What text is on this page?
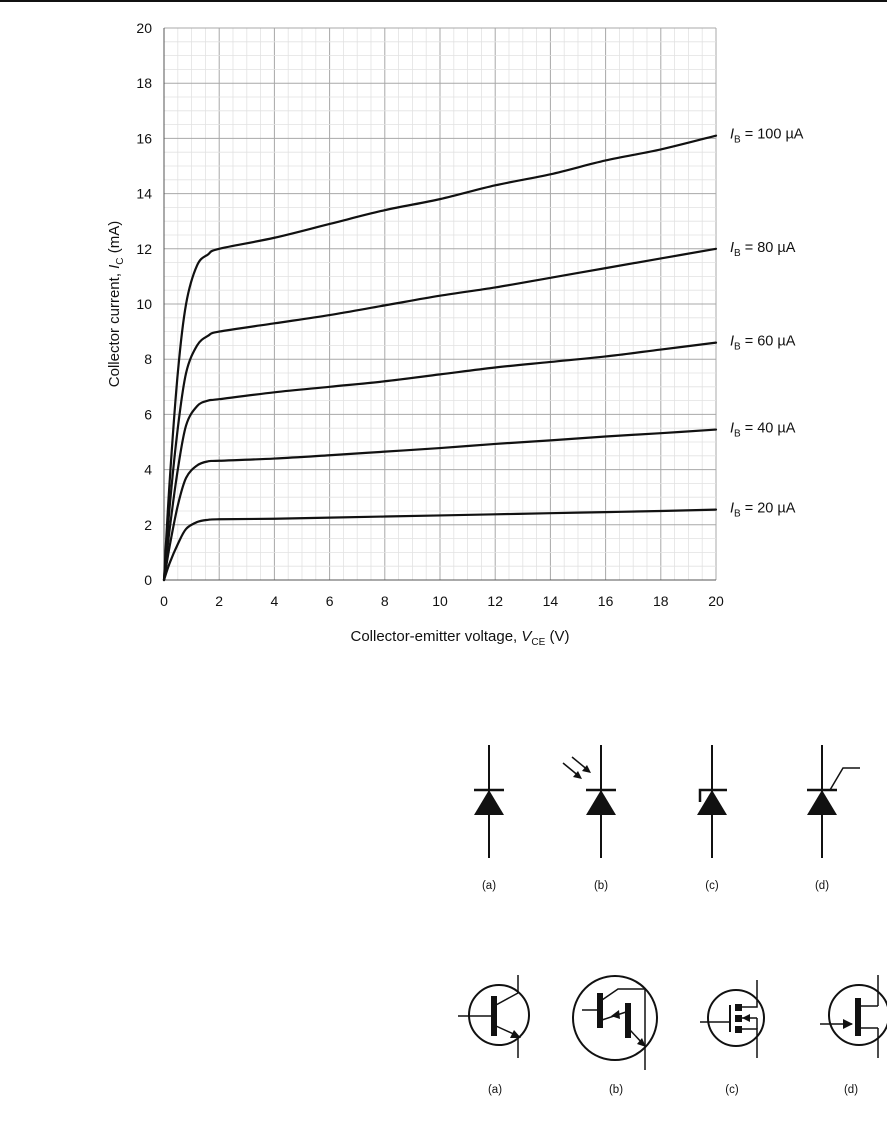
0	2	4	6	8	10	12	14	16	18	20
0
2
4
6
8
10
12
14
16
18
20
Collector-emitter voltage, $V_{CE}$ (V)
Collector current, $I_C$ (mA)
$I_B = 100$ µA
$I_B = 80$ µA
$I_B = 60$ µA
$I_B = 40$ µA
$I_B = 20$ µA
(a)	(b)	(c)	(d)
(a)	(b)	(c)	(d)
